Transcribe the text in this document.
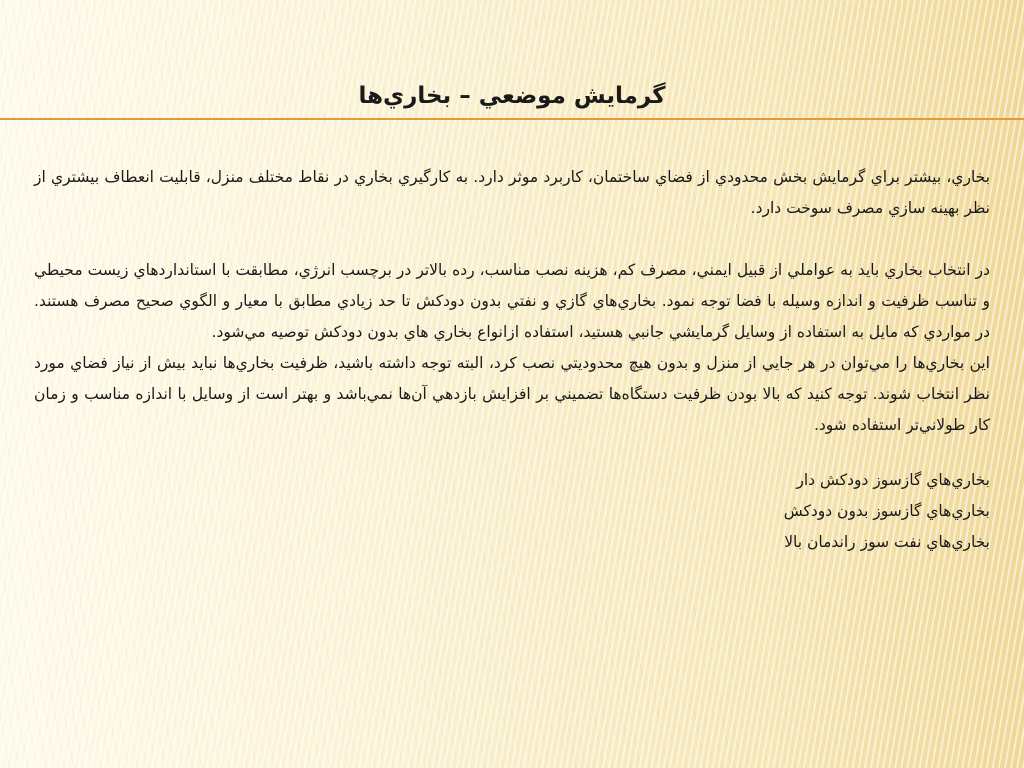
گرمايش موضعي – بخاري‌ها

بخاري، بيشتر براي گرمايش بخش محدودي از فضاي ساختمان، كاربرد موثر دارد. به كارگيري بخاري در نقاط مختلف منزل، قابليت انعطاف بيشتري از نظر بهينه سازي مصرف سوخت دارد.

در انتخاب بخاري بايد به عواملي از قبيل ايمني، مصرف كم، هزينه نصب مناسب، رده بالاتر در برچسب انرژي، مطابقت با استانداردهاي زيست محيطي و تناسب ظرفيت و اندازه وسيله با فضا توجه نمود. بخاري‌هاي گازي و نفتي بدون دودكش تا حد زيادي مطابق با معيار و الگوي صحيح مصرف هستند. در مواردي كه مايل به استفاده از وسايل گرمايشي جانبي هستيد، استفاده ازانواع بخاري هاي بدون دودكش توصيه مي‌شود.

اين بخاري‌ها را مي‌توان در هر جايي از منزل و بدون هيچ محدوديتي نصب كرد، البته توجه داشته باشيد، ظرفيت بخاري‌ها نبايد بيش از نياز فضاي مورد نظر انتخاب شوند. توجه كنيد كه بالا بودن ظرفيت دستگاه‌ها تضميني بر افزايش بازدهي آن‌ها نمي‌باشد و بهتر است از وسايل با اندازه مناسب و زمان كار طولاني‌تر استفاده شود.

بخاري‌هاي گازسوز دودكش دار

بخاري‌هاي گازسوز بدون دودكش

بخاري‌هاي نفت سوز راندمان بالا
